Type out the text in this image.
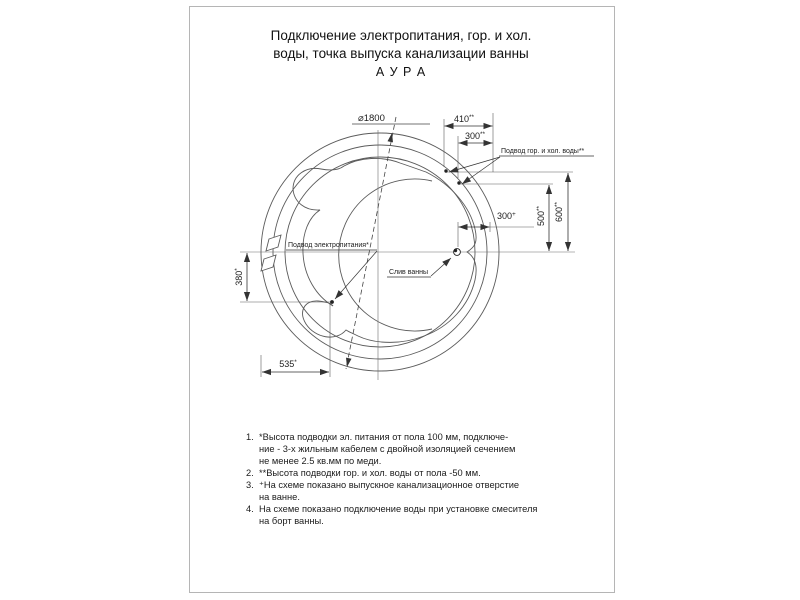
Подключение электропитания, гор. и хол.
воды, точка выпуска канализации ванны
А У Р А
⌀1800	410**
300**
500**	600**
300+
380*
535*
Подвод гор. и хол. воды**
Подвод электропитания*
Слив ванны
1. *Высота подводки эл. питания от пола 100 мм, подключе-
ние - 3-х жильным кабелем с двойной изоляцией сечением
не менее 2.5 кв.мм по меди.
2. **Высота подводки гор. и хол. воды от пола -50 мм.
3. ⁺На схеме показано выпускное канализационное отверстие
на ванне.
4. На схеме показано подключение воды при установке смесителя
на борт ванны.
